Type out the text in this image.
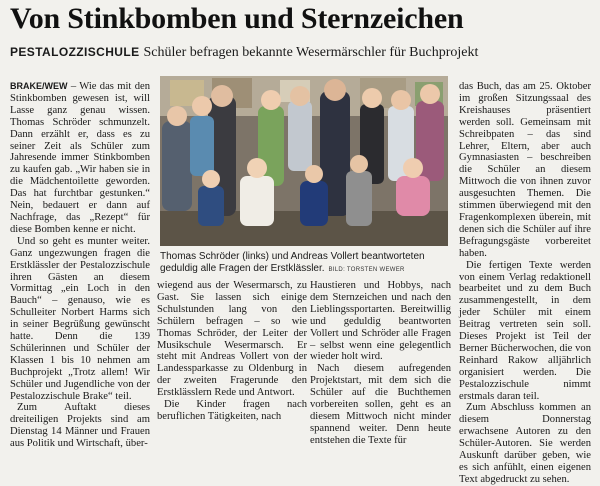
Von Stinkbomben und Sternzeichen
PESTALOZZISCHULE Schüler befragen bekannte Wesermärschler für Buchprojekt

BRAKE/WEW – Wie das mit den Stinkbomben gewesen ist, will Lasse ganz genau wissen. Thomas Schröder schmunzelt. Dann erzählt er, dass es zu seiner Zeit als Schüler zum Jahresende immer Stinkbomben zu kaufen gab. „Wir haben sie in die Mädchentoilette geworden. Das hat furchtbar gestunken.“ Nein, bedauert er dann auf Nachfrage, das „Rezept“ für diese Bomben kenne er nicht.

Und so geht es munter weiter. Ganz ungezwungen fragen die Erstklässler der Pestalozzischule ihren Gästen an diesem Vormittag „ein Loch in den Bauch“ – genauso, wie es Schulleiter Norbert Harms sich in seiner Begrüßung gewünscht hatte. Denn die 139 Schülerinnen und Schüler der Klassen 1 bis 10 nehmen am Buchprojekt „Trotz allem! Wir Schüler und Jugendliche von der Pestalozzischule Brake“ teil.

Zum Auftakt dieses dreiteiligen Projekts sind am Dienstag 14 Männer und Frauen aus Politik und Wirtschaft, über-

Thomas Schröder (links) und Andreas Vollert beantworteten geduldig alle Fragen der Erstklässler. BILD: TORSTEN WEWER

wiegend aus der Wesermarsch, zu Gast. Sie lassen sich einige Schulstunden lang von den Schülern befragen – so wie Thomas Schröder, der Leiter der Musikschule Wesermarsch. Er steht mit Andreas Vollert von der Landessparkasse zu Oldenburg in der zweiten Fragerunde den Erstklässlern Rede und Antwort.

Die Kinder fragen nach beruflichen Tätigkeiten, nach

Haustieren und Hobbys, nach dem Sternzeichen und nach den Lieblingssportarten. Bereitwillig und geduldig beantworten Vollert und Schröder alle Fragen – selbst wenn eine gelegentlich wieder holt wird.

Nach diesem aufregenden Projektstart, mit dem sich die Schüler auf die Buchthemen vorbereiten sollen, geht es an diesem Mittwoch nicht minder spannend weiter. Denn heute entstehen die Texte für

das Buch, das am 25. Oktober im großen Sitzungssaal des Kreishauses präsentiert werden soll. Gemeinsam mit Schreibpaten – das sind Lehrer, Eltern, aber auch Gymnasiasten – beschreiben die Schüler an diesem Mittwoch die von ihnen zuvor ausgesuchten Themen. Die stimmen überwiegend mit den Fragenkomplexen überein, mit denen sich die Schüler auf ihre Befragungsgäste vorbereitet haben.

Die fertigen Texte werden von einem Verlag redaktionell bearbeitet und zu dem Buch zusammengestellt, in dem jeder Schüler mit einem Beitrag vertreten sein soll. Dieses Projekt ist Teil der Berner Bücherwochen, die von Reinhard Rakow alljährlich organisiert werden. Die Pestalozzischule nimmt erstmals daran teil.

Zum Abschluss kommen an diesem Donnerstag erwachsene Autoren zu den Schüler-Autoren. Sie werden Auskunft darüber geben, wie es sich anfühlt, einen eigenen Text abgedruckt zu sehen.
